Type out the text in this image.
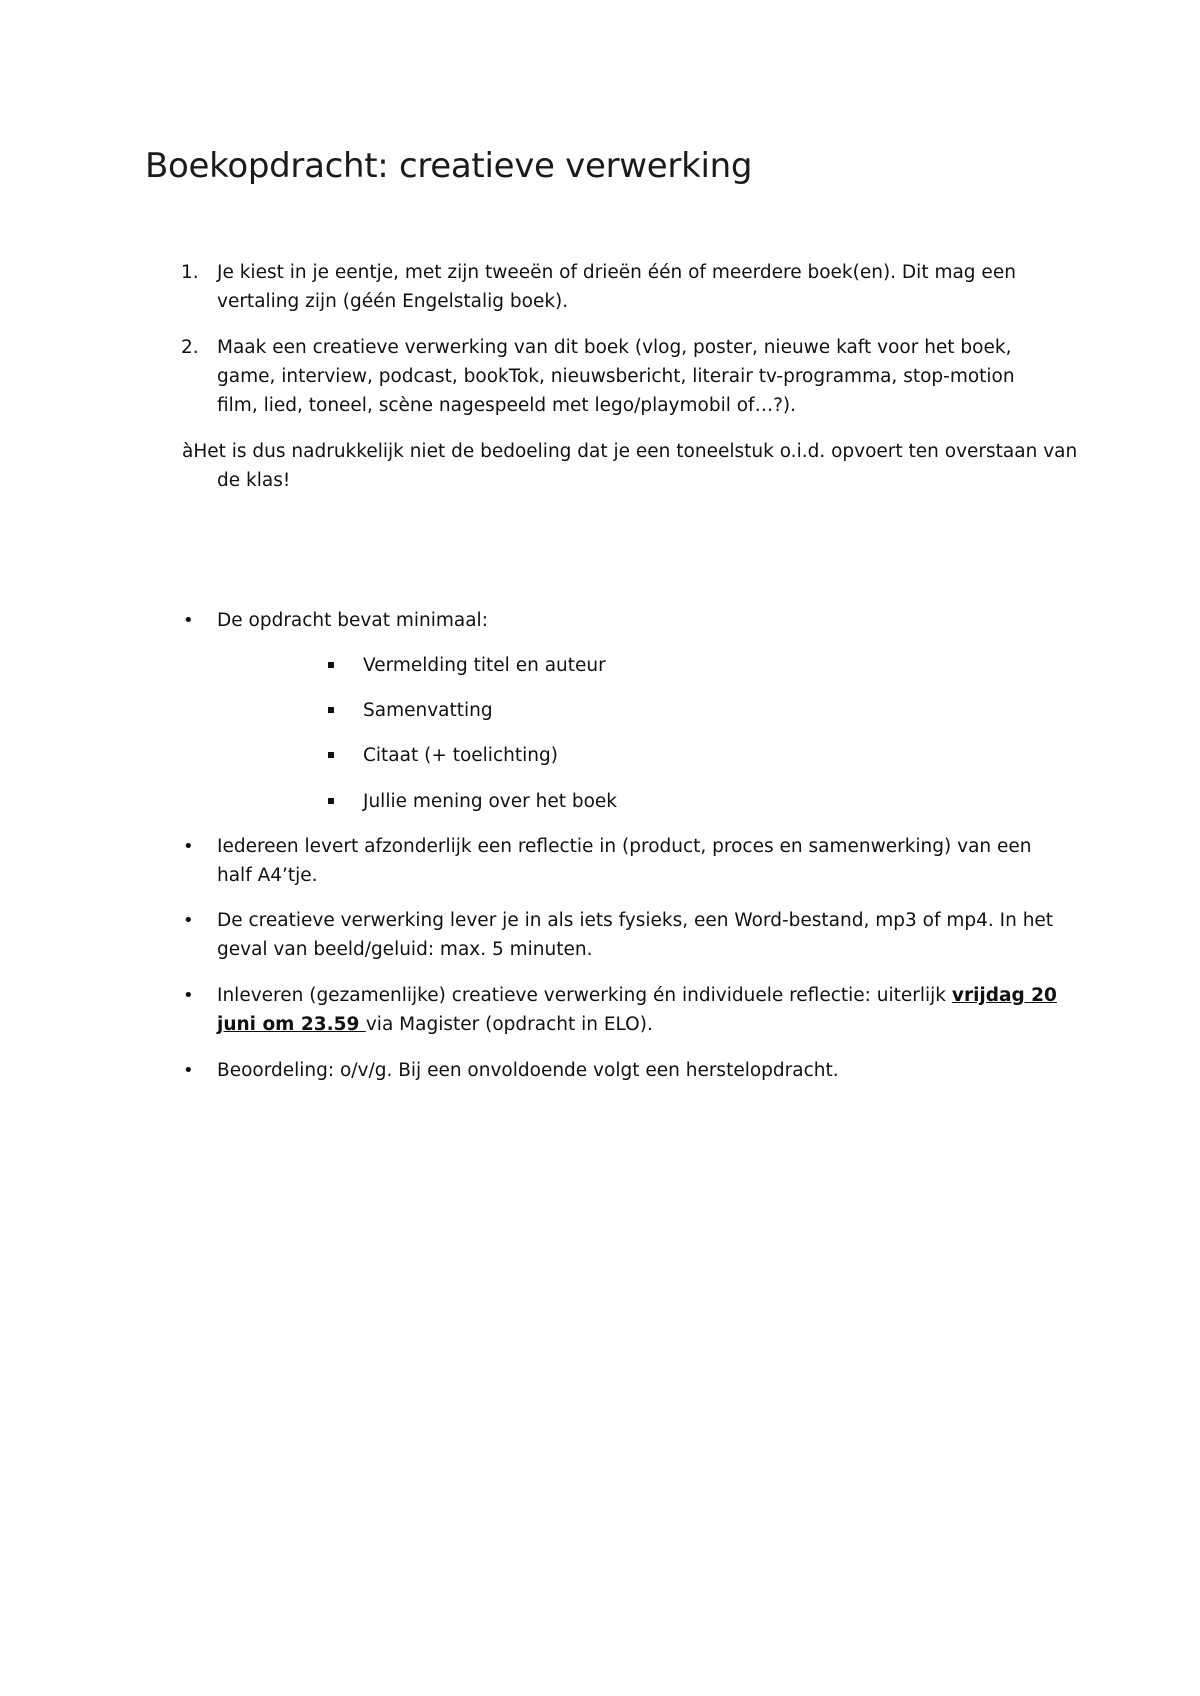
Boekopdracht: creatieve verwerking
1. Je kiest in je eentje, met zijn tweeën of drieën één of meerdere boek(en). Dit mag een vertaling zijn (géén Engelstalig boek).
2. Maak een creatieve verwerking van dit boek (vlog, poster, nieuwe kaft voor het boek, game, interview, podcast, bookTok, nieuwsbericht, literair tv-programma, stop-motion film, lied, toneel, scène nagespeeld met lego/playmobil of…?).
àHet is dus nadrukkelijk niet de bedoeling dat je een toneelstuk o.i.d. opvoert ten overstaan van
de klas!
• De opdracht bevat minimaal:
Vermelding titel en auteur
Samenvatting
Citaat (+ toelichting)
Jullie mening over het boek
• Iedereen levert afzonderlijk een reflectie in (product, proces en samenwerking) van een half A4’tje.
• De creatieve verwerking lever je in als iets fysieks, een Word-bestand, mp3 of mp4. In het geval van beeld/geluid: max. 5 minuten.
• Inleveren (gezamenlijke) creatieve verwerking én individuele reflectie: uiterlijk vrijdag 20 juni om 23.59 via Magister (opdracht in ELO).
• Beoordeling: o/v/g. Bij een onvoldoende volgt een herstelopdracht.
